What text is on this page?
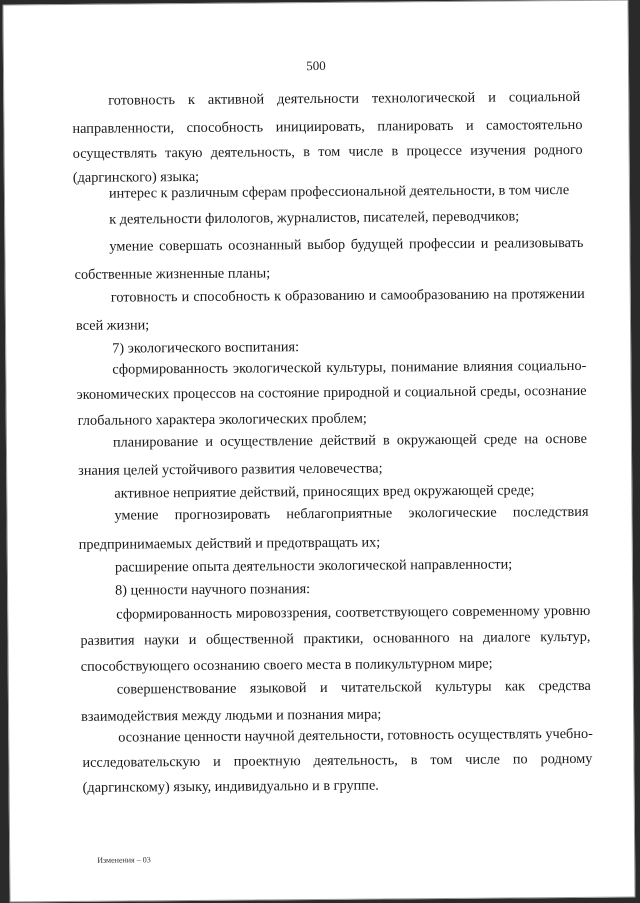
500
готовность к активной деятельности технологической и социальной
направленности, способность инициировать, планировать и самостоятельно
осуществлять такую деятельность, в том числе в процессе изучения родного
(даргинского) языка;
интерес к различным сферам профессиональной деятельности, в том числе
к деятельности филологов, журналистов, писателей, переводчиков;
умение совершать осознанный выбор будущей профессии и реализовывать
собственные жизненные планы;
готовность и способность к образованию и самообразованию на протяжении
всей жизни;
7) экологического воспитания:
сформированность экологической культуры, понимание влияния социально-
экономических процессов на состояние природной и социальной среды, осознание
глобального характера экологических проблем;
планирование и осуществление действий в окружающей среде на основе
знания целей устойчивого развития человечества;
активное неприятие действий, приносящих вред окружающей среде;
умение прогнозировать неблагоприятные экологические последствия
предпринимаемых действий и предотвращать их;
расширение опыта деятельности экологической направленности;
8) ценности научного познания:
сформированность мировоззрения, соответствующего современному уровню
развития науки и общественной практики, основанного на диалоге культур,
способствующего осознанию своего места в поликультурном мире;
совершенствование языковой и читательской культуры как средства
взаимодействия между людьми и познания мира;
осознание ценности научной деятельности, готовность осуществлять учебно-
исследовательскую и проектную деятельность, в том числе по родному
(даргинскому) языку, индивидуально и в группе.
Изменения – 03
